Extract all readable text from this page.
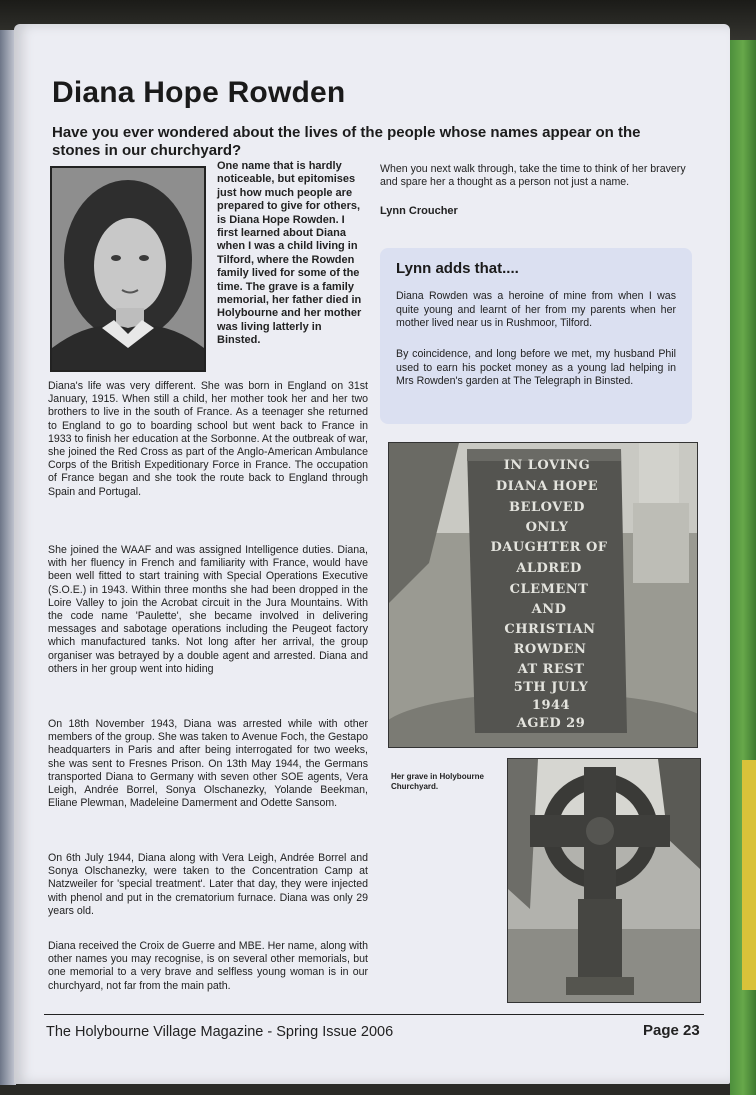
Diana Hope Rowden

Have you ever wondered about the lives of the people whose names appear on the stones in our churchyard?

One name that is hardly noticeable, but epitomises just how much people are prepared to give for others, is Diana Hope Rowden. I first learned about Diana when I was a child living in Tilford, where the Rowden family lived for some of the time. The grave is a family memorial, her father died in Holybourne and her mother was living latterly in Binsted.

Diana's life was very different. She was born in England on 31st January, 1915. When still a child, her mother took her and her two brothers to live in the south of France. As a teenager she returned to England to go to boarding school but went back to France in 1933 to finish her education at the Sorbonne. At the outbreak of war, she joined the Red Cross as part of the Anglo-American Ambulance Corps of the British Expeditionary Force in France. The occupation of France began and she took the route back to England through Spain and Portugal.

She joined the WAAF and was assigned Intelligence duties. Diana, with her fluency in French and familiarity with France, would have been well fitted to start training with Special Operations Executive (S.O.E.) in 1943. Within three months she had been dropped in the Loire Valley to join the Acrobat circuit in the Jura Mountains. With the code name 'Paulette', she became involved in delivering messages and sabotage operations including the Peugeot factory which manufactured tanks. Not long after her arrival, the group organiser was betrayed by a double agent and arrested. Diana and others in her group went into hiding

On 18th November 1943, Diana was arrested while with other members of the group. She was taken to Avenue Foch, the Gestapo headquarters in Paris and after being interrogated for two weeks, she was sent to Fresnes Prison. On 13th May 1944, the Germans transported Diana to Germany with seven other SOE agents, Vera Leigh, Andrée Borrel, Sonya Olschanezky, Yolande Beekman, Eliane Plewman, Madeleine Damerment and Odette Sansom.

On 6th July 1944, Diana along with Vera Leigh, Andrée Borrel and Sonya Olschanezky, were taken to the Concentration Camp at Natzweiler for 'special treatment'. Later that day, they were injected with phenol and put in the crematorium furnace. Diana was only 29 years old.

Diana received the Croix de Guerre and MBE. Her name, along with other names you may recognise, is on several other memorials, but one memorial to a very brave and selfless young woman is in our churchyard, not far from the main path.

When you next walk through, take the time to think of her bravery and spare her a thought as a person not just a name.

Lynn Croucher
Lynn adds that....

Diana Rowden was a heroine of mine from when I was quite young and learnt of her from my parents when her mother lived near us in Rushmoor, Tilford.

By coincidence, and long before we met, my husband Phil used to earn his pocket money as a young lad helping in Mrs Rowden's garden at The Telegraph in Binsted.

IN LOVING
DIANA HOPE
BELOVED
ONLY
DAUGHTER OF
ALDRED
CLEMENT
AND
CHRISTIAN
ROWDEN
AT REST
5TH JULY
1944
AGED 29

Her grave in Holybourne Churchyard.

The Holybourne Village Magazine - Spring Issue 2006	Page 23
